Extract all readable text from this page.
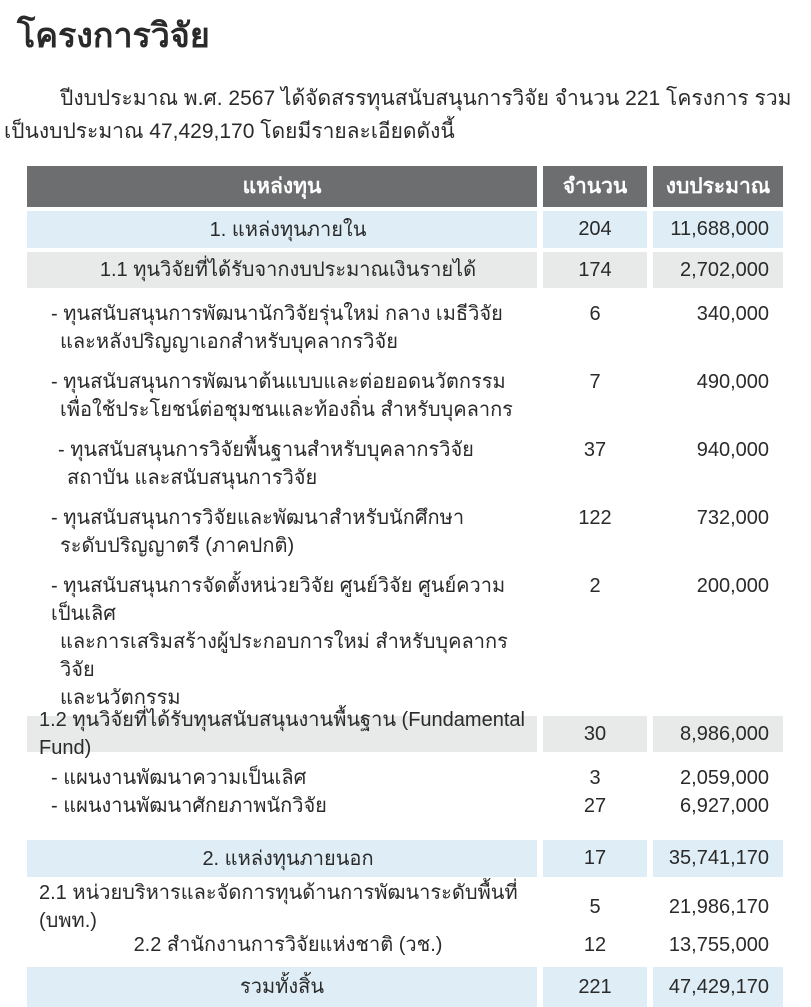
โครงการวิจัย

ปีงบประมาณ พ.ศ. 2567 ได้จัดสรรทุนสนับสนุนการวิจัย จำนวน 221 โครงการ รวมเป็นงบประมาณ 47,429,170 โดยมีรายละเอียดดังนี้

แหล่งทุน	จำนวน	งบประมาณ
1. แหล่งทุนภายใน	204	11,688,000
1.1 ทุนวิจัยที่ได้รับจากงบประมาณเงินรายได้	174	2,702,000
- ทุนสนับสนุนการพัฒนานักวิจัยรุ่นใหม่ กลาง เมธีวิจัย
และหลังปริญญาเอกสำหรับบุคลากรวิจัย
6	340,000
- ทุนสนับสนุนการพัฒนาต้นแบบและต่อยอดนวัตกรรม
เพื่อใช้ประโยชน์ต่อชุมชนและท้องถิ่น สำหรับบุคลากร
7	490,000
- ทุนสนับสนุนการวิจัยพื้นฐานสำหรับบุคลากรวิจัย
สถาบัน และสนับสนุนการวิจัย
37	940,000
- ทุนสนับสนุนการวิจัยและพัฒนาสำหรับนักศึกษา
ระดับปริญญาตรี (ภาคปกติ)
122	732,000
- ทุนสนับสนุนการจัดตั้งหน่วยวิจัย ศูนย์วิจัย ศูนย์ความเป็นเลิศ
และการเสริมสร้างผู้ประกอบการใหม่ สำหรับบุคลากรวิจัย
และนวัตกรรม
2	200,000
1.2 ทุนวิจัยที่ได้รับทุนสนับสนุนงานพื้นฐาน (Fundamental Fund)
30	8,986,000
- แผนงานพัฒนาความเป็นเลิศ	3	2,059,000
- แผนงานพัฒนาศักยภาพนักวิจัย	27	6,927,000
2. แหล่งทุนภายนอก	17	35,741,170
2.1 หน่วยบริหารและจัดการทุนด้านการพัฒนาระดับพื้นที่ (บพท.)
5	21,986,170
2.2 สำนักงานการวิจัยแห่งชาติ (วช.)	12	13,755,000
รวมทั้งสิ้น	221	47,429,170
